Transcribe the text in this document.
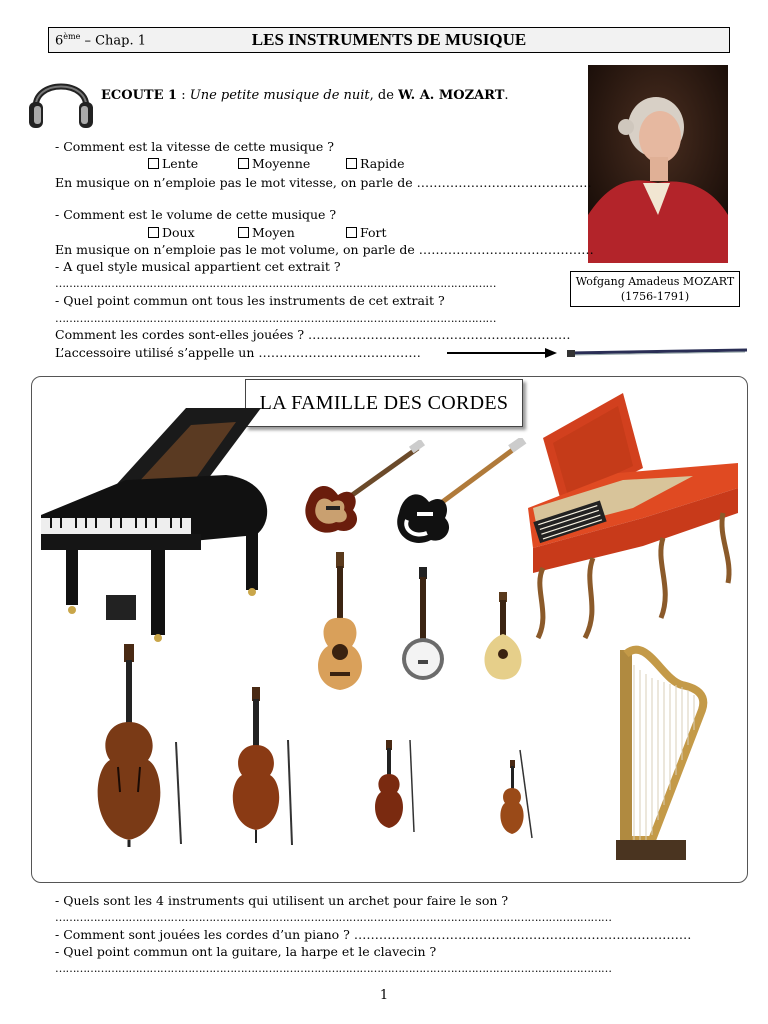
6ème – Chap. 1	LES INSTRUMENTS DE MUSIQUE
ECOUTE 1 : Une petite musique de nuit, de W. A. MOZART.
Wofgang Amadeus MOZART
(1756-1791)
- Comment est la vitesse de cette musique ?
Lente	Moyenne	Rapide
En musique on n’emploie pas le mot vitesse, on parle de ……………………………………
- Comment est le volume de cette musique ?
Doux	Moyen	Fort
En musique on n’emploie pas le mot volume, on parle de ……………………………………
- A quel style musical appartient cet extrait ?
………………………………………………………………………………………………………………
- Quel point commun ont tous les instruments de cet extrait ?
………………………………………………………………………………………………………………
Comment les cordes sont-elles jouées ? ………………………………………………………
L’accessoire utilisé s’appelle un …………………………………
LA FAMILLE DES CORDES
- Quels sont les 4 instruments qui utilisent un archet pour faire le son ?
……………………………………………………………………………………………………………………………………………
- Comment sont jouées les cordes d’un piano ? ………………………………………………………………………
- Quel point commun ont la guitare, la harpe et le clavecin ?
……………………………………………………………………………………………………………………………………………
1
